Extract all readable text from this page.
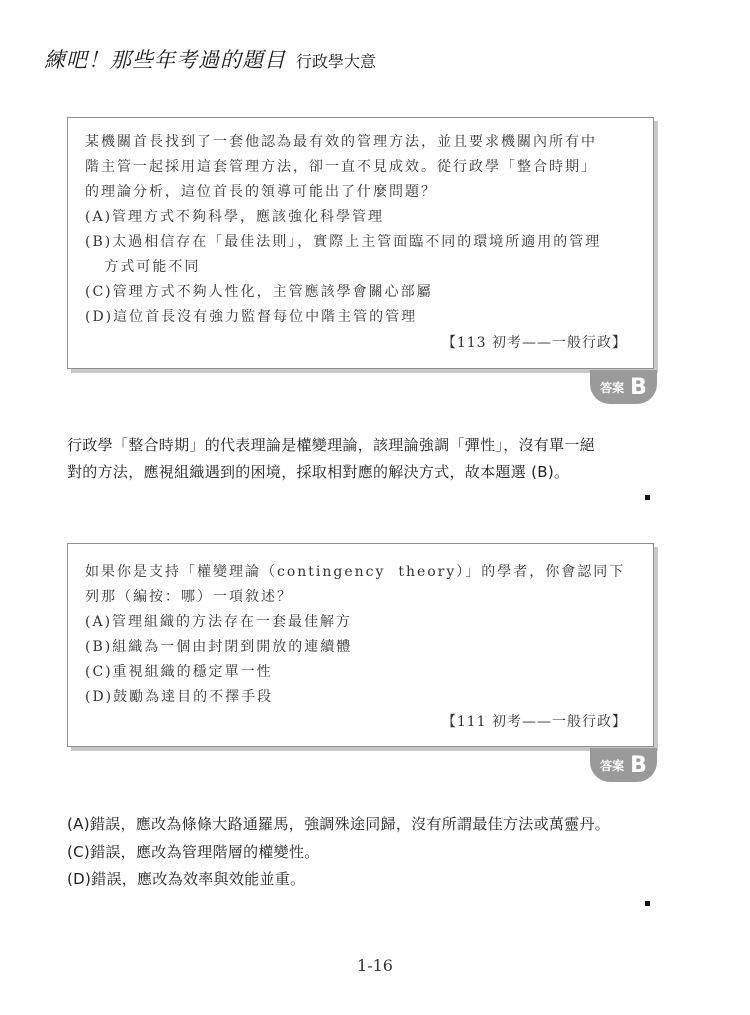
練吧！那些年考過的題目 行政學大意
某機關首長找到了一套他認為最有效的管理方法，並且要求機關內所有中
階主管一起採用這套管理方法，卻一直不見成效。從行政學「整合時期」
的理論分析，這位首長的領導可能出了什麼問題？
(A)管理方式不夠科學，應該強化科學管理
(B)太過相信存在「最佳法則」，實際上主管面臨不同的環境所適用的管理
方式可能不同
(C)管理方式不夠人性化，主管應該學會關心部屬
(D)這位首長沒有強力監督每位中階主管的管理
【113 初考——一般行政】
答案 B
行政學「整合時期」的代表理論是權變理論，該理論強調「彈性」，沒有單一絕
對的方法，應視組織遇到的困境，採取相對應的解決方式，故本題選 (B)。
如果你是支持「權變理論（contingency  theory）」的學者，你會認同下
列那（編按：哪）一項敘述？
(A)管理組織的方法存在一套最佳解方
(B)組織為一個由封閉到開放的連續體
(C)重視組織的穩定單一性
(D)鼓勵為達目的不擇手段
【111 初考——一般行政】
答案 B
(A)錯誤，應改為條條大路通羅馬，強調殊途同歸，沒有所謂最佳方法或萬靈丹。
(C)錯誤，應改為管理階層的權變性。
(D)錯誤，應改為效率與效能並重。
1-16
